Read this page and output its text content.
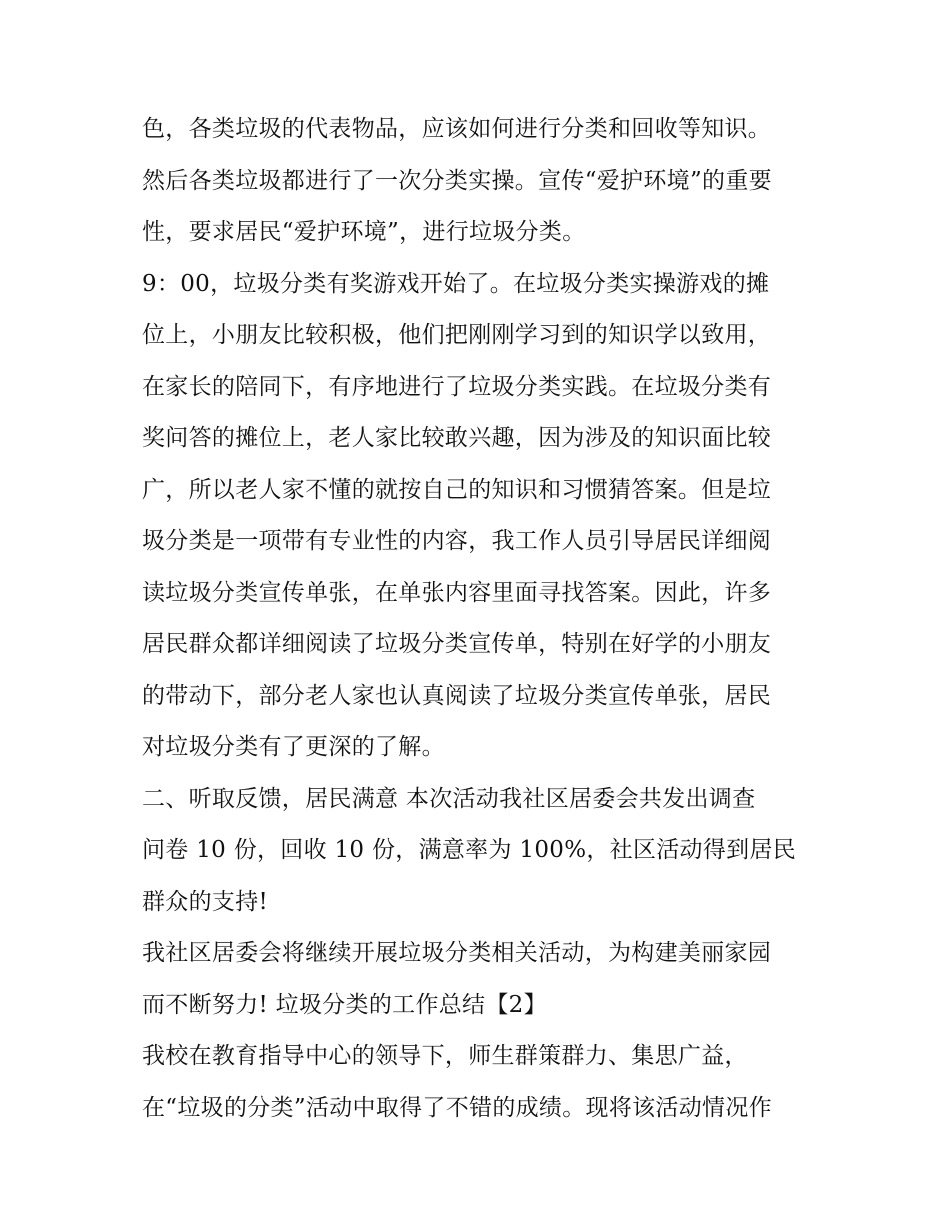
色，各类垃圾的代表物品，应该如何进行分类和回收等知识。
然后各类垃圾都进行了一次分类实操。宣传“爱护环境”的重要
性，要求居民“爱护环境”，进行垃圾分类。
9：00，垃圾分类有奖游戏开始了。在垃圾分类实操游戏的摊
位上，小朋友比较积极，他们把刚刚学习到的知识学以致用，
在家长的陪同下，有序地进行了垃圾分类实践。在垃圾分类有
奖问答的摊位上，老人家比较敢兴趣，因为涉及的知识面比较
广，所以老人家不懂的就按自己的知识和习惯猜答案。但是垃
圾分类是一项带有专业性的内容，我工作人员引导居民详细阅
读垃圾分类宣传单张，在单张内容里面寻找答案。因此，许多
居民群众都详细阅读了垃圾分类宣传单，特别在好学的小朋友
的带动下，部分老人家也认真阅读了垃圾分类宣传单张，居民
对垃圾分类有了更深的了解。
二、听取反馈，居民满意 本次活动我社区居委会共发出调查
问卷 10 份，回收 10 份，满意率为 100%，社区活动得到居民
群众的支持!
我社区居委会将继续开展垃圾分类相关活动，为构建美丽家园
而不断努力! 垃圾分类的工作总结【2】
我校在教育指导中心的领导下，师生群策群力、集思广益，
在“垃圾的分类”活动中取得了不错的成绩。现将该活动情况作
